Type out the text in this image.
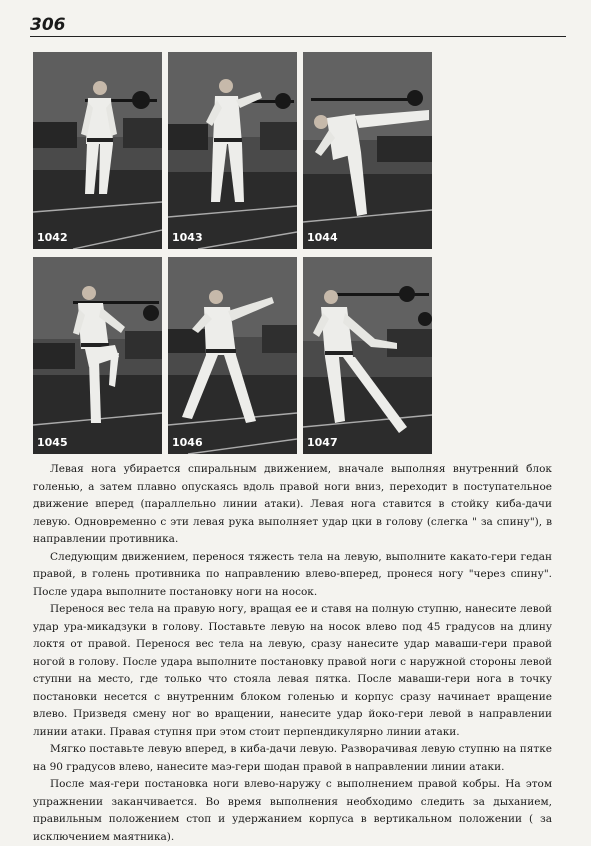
306
1042	1043	1044
1045	1046	1047

Левая нога убирается спиральным движением, вначале выполняя внутренний блок голенью, а затем плавно опускаясь вдоль правой ноги вниз, переходит в поступательное движение вперед (параллельно линии атаки). Левая нога ставится в стойку киба-дачи левую. Одновременно с эти левая рука выполняет удар цки в голову (слегка " за спину"), в направлении противника.

Следующим движением, перенося тяжесть тела на левую, выполните какато-гери гедан правой, в голень противника по направлению влево-вперед, пронеся ногу "через спину". После удара выполните постановку ноги на носок.

Перенося вес тела на правую ногу, вращая ее и ставя на полную ступню, нанесите левой удар ура-микадзуки в голову. Поставьте левую на носок влево под 45 градусов на длину локтя от правой. Перенося вес тела на левую, сразу нанесите удар маваши-гери правой ногой в голову. После удара выполните постановку правой ноги с наружной стороны левой ступни на место, где только что стояла левая пятка. После маваши-гери нога в точку постановки несется с внутренним блоком голенью и корпус сразу начинает вращение влево. Призведя смену ног во вращении, нанесите удар йоко-гери левой в направлении линии атаки. Правая ступня при этом стоит перпендикулярно линии атаки.

Мягко поставьте левую вперед, в киба-дачи левую. Разворачивая левую ступню на пятке на 90 градусов влево, нанесите маэ-гери шодан правой в направлении линии атаки.

После мая-гери постановка ноги влево-наружу с выполнением правой кобры. На этом упражнении заканчивается. Во время выполнения необходимо следить за дыханием, правильным положением стоп и удержанием корпуса в вертикальном положении ( за исключением маятника).
